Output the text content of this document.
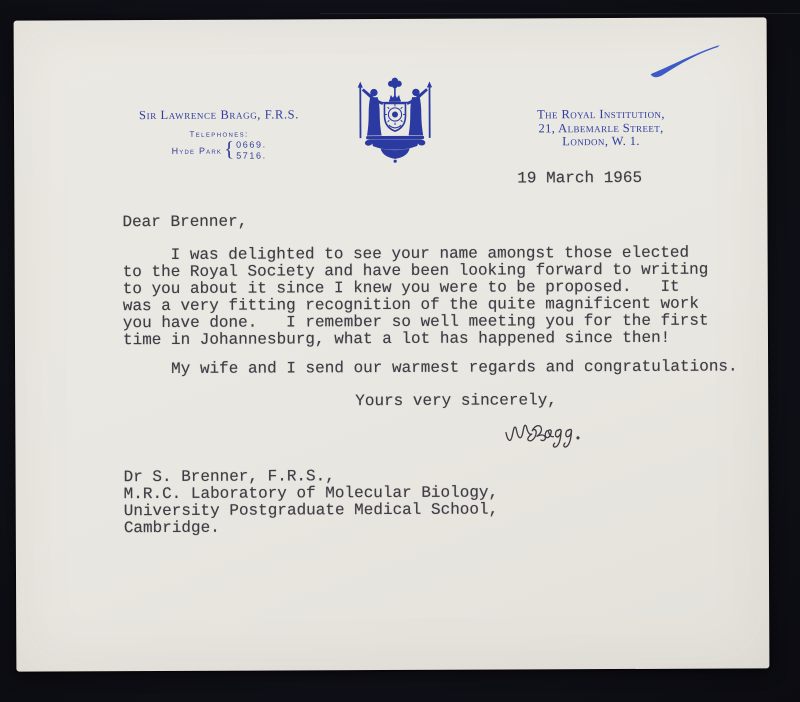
Sir Lawrence Bragg, F.R.S.
Telephones:
Hyde Park { 0669.
5716.
The Royal Institution,
21, Albemarle Street,
London, W. 1.
19 March 1965
Dear Brenner,
I was delighted to see your name amongst those elected
to the Royal Society and have been looking forward to writing
to you about it since I knew you were to be proposed.   It
was a very fitting recognition of the quite magnificent work
you have done.   I remember so well meeting you for the first
time in Johannesburg, what a lot has happened since then!
My wife and I send our warmest regards and congratulations.
Yours very sincerely,
Dr S. Brenner, F.R.S.,
M.R.C. Laboratory of Molecular Biology,
University Postgraduate Medical School,
Cambridge.
